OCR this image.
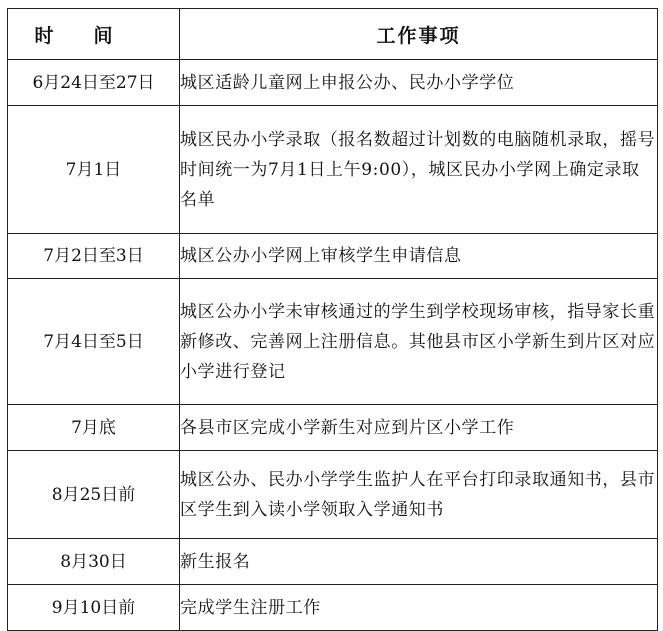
时间	工作事项
6月24日至27日	城区适龄儿童网上申报公办、民办小学学位
7月1日	城区民办小学录取（报名数超过计划数的电脑随机录取，摇号时间统一为7月1日上午9:00），城区民办小学网上确定录取名单
7月2日至3日	城区公办小学网上审核学生申请信息
7月4日至5日	城区公办小学未审核通过的学生到学校现场审核，指导家长重新修改、完善网上注册信息。其他县市区小学新生到片区对应小学进行登记
7月底	各县市区完成小学新生对应到片区小学工作
8月25日前	城区公办、民办小学学生监护人在平台打印录取通知书，县市区学生到入读小学领取入学通知书
8月30日	新生报名
9月10日前	完成学生注册工作
